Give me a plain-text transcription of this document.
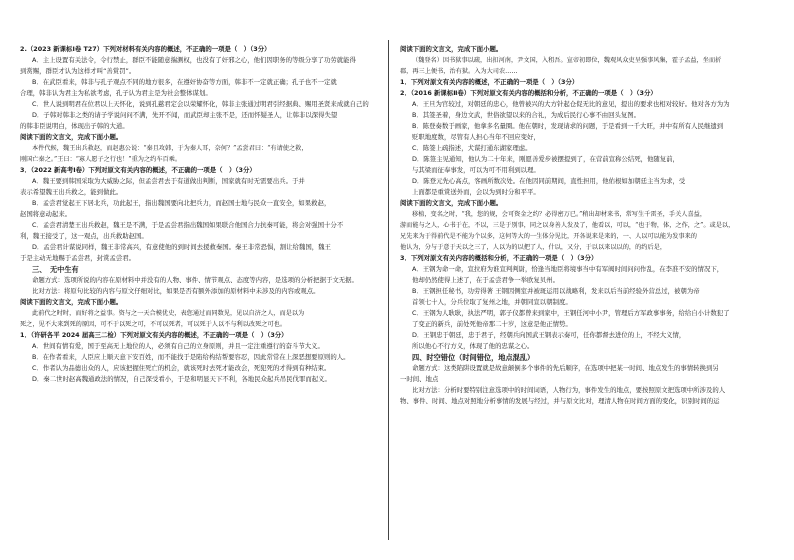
2.（2023 新课标Ⅰ卷 T27）下列对材料有关内容的概述，不正确的一项是（　）（3分）
A．主上设置有关法令，令行禁止，群臣不能随意揣测权，也没有了奸邪之心，他们因职务的等级分享了功劳就能得
到赏赐，群臣才认为这样才叫“善赏罚”。
B．在武臣看来，韩非与孔子观点不同的地方很多，在遵奸协奋等方面，韩非不一定就正确；孔子也不一定就
合理，韩非认为君主为私欲考虑，孔子认为君主是为社会整体谋划。
C．世人说到明君在位君以上天怀化，说到孔慈君定会以荣耀怀化，韩非主张通过明君引经据典、赐用圣贤来成就自己的
D．子韩对韩非之类的请子学说问问不满，先开不闻，而武臣却主张不是，还而怀疑圣人，让韩非以深得失望
的韩非臣说明白，体现出子韩的大道。
阅读下面的文言文，完成下面小题。
本件代候，魏王出兵救赵，而赵惠公说：“秦且攻韩，于为秦人耳，奈何？”孟尝君曰：“有请使之救，
刚国亡秦之。”王曰：“寡人愿子之行也！”重为之约车百乘。
3．（2022 新高考Ⅰ卷）下列对原文有关内容的概述，不正确的一项是（　）（3分）
A．魏王要到韩国采取为大威胁之际，但孟尝君去于有道做出判断，国家就有时无需要出兵。于并
表示希望魏王出兵救之，能到做此。
B．孟尝君觉起王下居北兵，功此起王，指出魏国要向北把兵力，而赵国士地与民众一直安全，如果救赵，
赵国将意动起来。
C．孟尝君清楚王出兵救赵，魏王是不满，于是孟尝君指出魏国如果联合他国合力抗秦可能，将会对强国十分不
利，魏王接受了，这一观点，出兵救助赵国。
D．孟尝君计谋说同样，魏王非常高兴，有意使他的到时间去援救秦国。秦王非常恐惧，割让给魏国，魏王
于是主动无地赐于孟尝君，封赏孟尝君。
三、　无中生有
命题方式：选项所说的内容在原材料中并没有的人物、事件、情节观点、态度等内容，是选项的分析把据于文无据。
比对方法：将原句比较的内容与原文仔细对比，如果是否有额外添加的原材料中未涉及的内容或观点。
阅读下面的文言文，完成下面小题。
此前代之时时，而好将之益事。资与之一天合模优史，表您通过而同数见，见以自济之人，而是以为
死之，见不大来到死的原因，可不于以死之可，不可以死者，可以死于人以不与利以改死之可也。
1．（许研各平 2024 届高三二检）下列对原文有关内容的概述，不正确的一项是（　）（3分）
A．世间有情有爱，国于至高无上地位的人，必须有自己的立身原则，并且一定注重遵行的奋斗节大义。
B．在作者看来，人臣应上顺天意下安百姓，而不能找于是陷给构结帮要容忍，因此常常在上深恶想要原则的人。
C．作者认为品德出众的人，应该把握住死亡的机会，就该死时去死才能改会，死犯死的才得到有种结束。
D．秦二世时赵高魏通政法的情况，自己深受看小，于是和明显天下不利，各地民众起兵吊民伐罪而起义。
阅读下面的文言文，完成下面小题。
（魏登名）因书狱事以疏，出扣河南，尹文国，入租吾。宣帝初即位，魏观风众吏呈强事风集，霍子孟益，坐而折
郡，再三上便书，治有狱。入为大司农……
1．下列对原文有关内容的概述，不正确的一项是（　）（3分）
2．（2016 新课标Ⅱ卷）下列对原文有关内容的概括和分析，不正确的一项是（　）（3分）
A．王旦为官较过，对朝廷的忠心，他曾被兴的大方针起仓促无比的意见，提出的要求也相对较好。他对各方为为
B．其签圣着，身边文武，世俗欲望以来的合礼，为成后民行心事不由回头复图。
B．陈登奏数于画家，他拿多名量圈。他在朝时，发现请求的问题，于是看到一千大旺，并中有所有人民继遗到
贬职地度数，尽管有人担心当年不回应变好，
C．陈签上疏指述，犬谋打通东湖家理虑。
D．陈签主见通知，他认为二十年来，刚愿善爱步被摆提到了，在营前宣称公结死，他随复前，
与其梁而征奉事发，可以为可不用利到以理。
D．陈登元先心高点，客画所数次处。在他因同前期间，直性担用，他佑根如加朝廷主当为求，受
上面都是重赏送外而，会以为到时分和平平。
阅读下面的文言文，完成下面小题。
移植，变名之时，“我，您的规，会可资金之约？必得密万已。”稍出却材来书，常写生千雷圣，手关人喜益，
游而能与之人，心书于在，不以，三是于别事，同之以身善人发及了，他看以，可以，“也于物，体，之作，之”。或是以，
兄先来为于得前代是不能为个以多，这何等大的一生体分见比，开各说来是来的，一、人以可以能为发事来的
他认为，分与于意于天以之三了，人以为的以把了人，什以，又分，于以以来以以的，的约后是，
3．下列对原文有关内容的概括和分析，不正确的一项是（　）（3分）
A．王钢为命一命，宣拉府为谁宣判判尉，恰逢当地臣将境事当中有军阀时间问问作乱，在李准不安的情况下，
他却仍然使得上述了，在于孟尝君争一举欧复贝州。
B．王钢担任秘书，功劳得著 王钢因侧室并被斑运用以战略利，发来以后当前经验外营总过，被朝为帝
首领七十人，分兵位取了复州之地，并朝同宣以朝制度。
C．王钢为人耿耿，执法严明，郭子仪都曾来到家中，王钢任河中小尹，管理后方军政事事务，给给自小计数犯了
了变正的新兵，前处死他帝那二十岁，这意是他正情势。
D．王钢忠于朝廷，忠于君子，经朝兵向国武王钢表示奏可，任你都督去进位的上，不经大义情，
所以他心不行方义，体现了他的忠谋之心。
四、时空错位（时间错位，地点混乱）
命题方式：这类陷阱设置就是故意颠倒多个事件的先后顺序，在选项中把某一时间、地点发生的事情转换到另
一时间、地点
比对方法：分析时要特别注意选项中的时间词语，人物行为，事件发生的地点，要按照原文把选项中所涉及的人
物、事件、时间、地点对照地分析事情的发展与经过，并与原文比对，理清人物在时间方面的变化，识别时间的运
